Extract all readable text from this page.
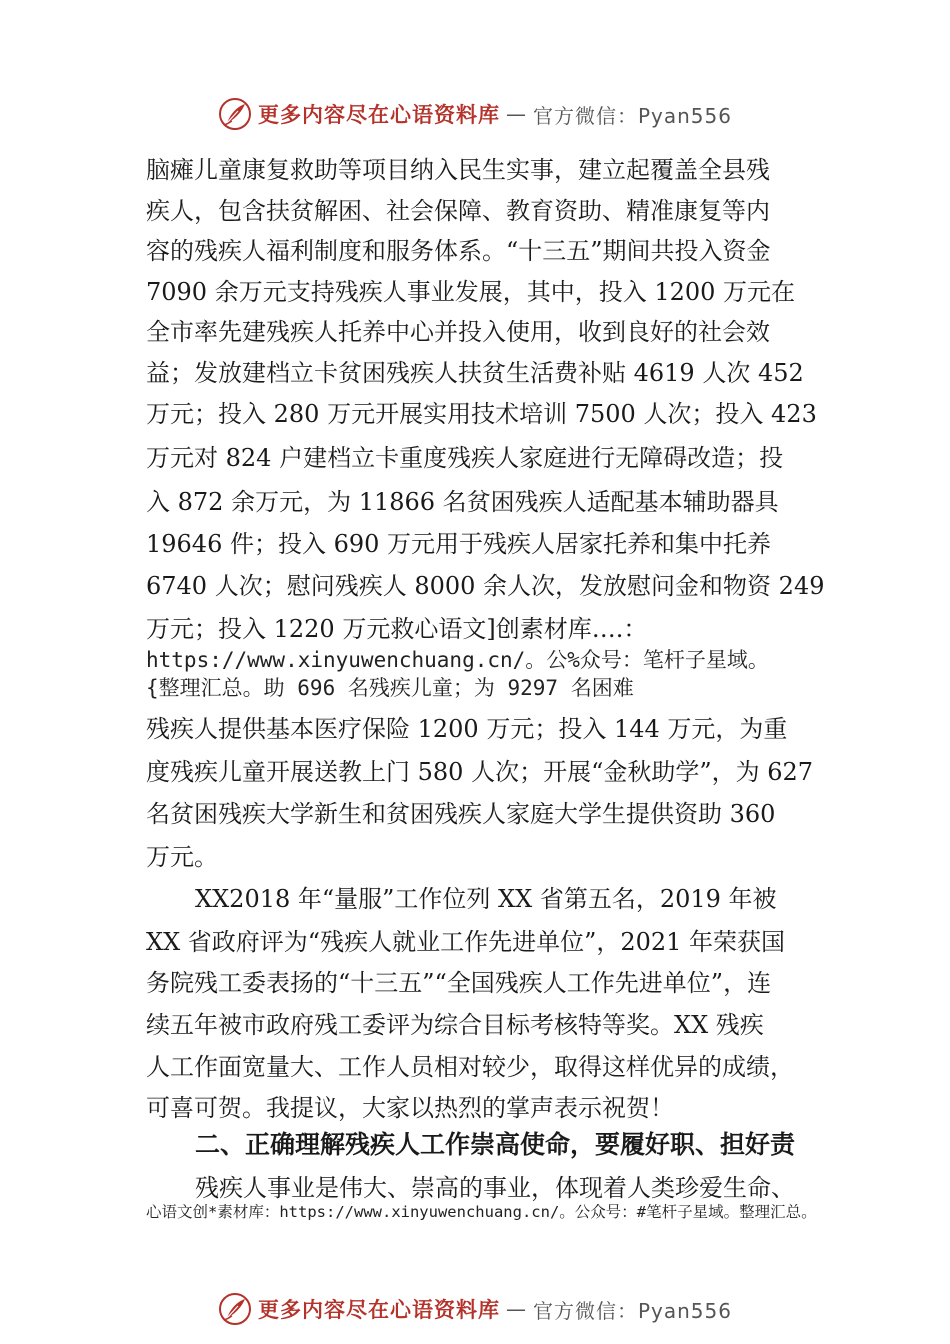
更多内容尽在心语资料库 — 官方微信：Pyan556
脑瘫儿童康复救助等项目纳入民生实事，建立起覆盖全县残
疾人，包含扶贫解困、社会保障、教育资助、精准康复等内
容的残疾人福利制度和服务体系。“十三五”期间共投入资金
7090 余万元支持残疾人事业发展，其中，投入 1200 万元在
全市率先建残疾人托养中心并投入使用，收到良好的社会效
益；发放建档立卡贫困残疾人扶贫生活费补贴 4619 人次 452
万元；投入 280 万元开展实用技术培训 7500 人次；投入 423
万元对 824 户建档立卡重度残疾人家庭进行无障碍改造；投
入 872 余万元，为 11866 名贫困残疾人适配基本辅助器具
19646 件；投入 690 万元用于残疾人居家托养和集中托养
6740 人次；慰问残疾人 8000 余人次，发放慰问金和物资 249
万元；投入 1220 万元救心语文]创素材库….：
https://www.xinyuwenchuang.cn/。公%众号：笔杆子星域。
{整理汇总。助 696 名残疾儿童；为 9297 名困难
残疾人提供基本医疗保险 1200 万元；投入 144 万元，为重
度残疾儿童开展送教上门 580 人次；开展“金秋助学”，为 627
名贫困残疾大学新生和贫困残疾人家庭大学生提供资助 360
万元。
XX2018 年“量服”工作位列 XX 省第五名，2019 年被
XX 省政府评为“残疾人就业工作先进单位”，2021 年荣获国
务院残工委表扬的“十三五”“全国残疾人工作先进单位”，连
续五年被市政府残工委评为综合目标考核特等奖。XX 残疾
人工作面宽量大、工作人员相对较少，取得这样优异的成绩，
可喜可贺。我提议，大家以热烈的掌声表示祝贺！
二、正确理解残疾人工作崇高使命，要履好职、担好责
残疾人事业是伟大、崇高的事业，体现着人类珍爱生命、
心语文创*素材库：https://www.xinyuwenchuang.cn/。公众号：#笔杆子星域。整理汇总。
更多内容尽在心语资料库 — 官方微信：Pyan556
